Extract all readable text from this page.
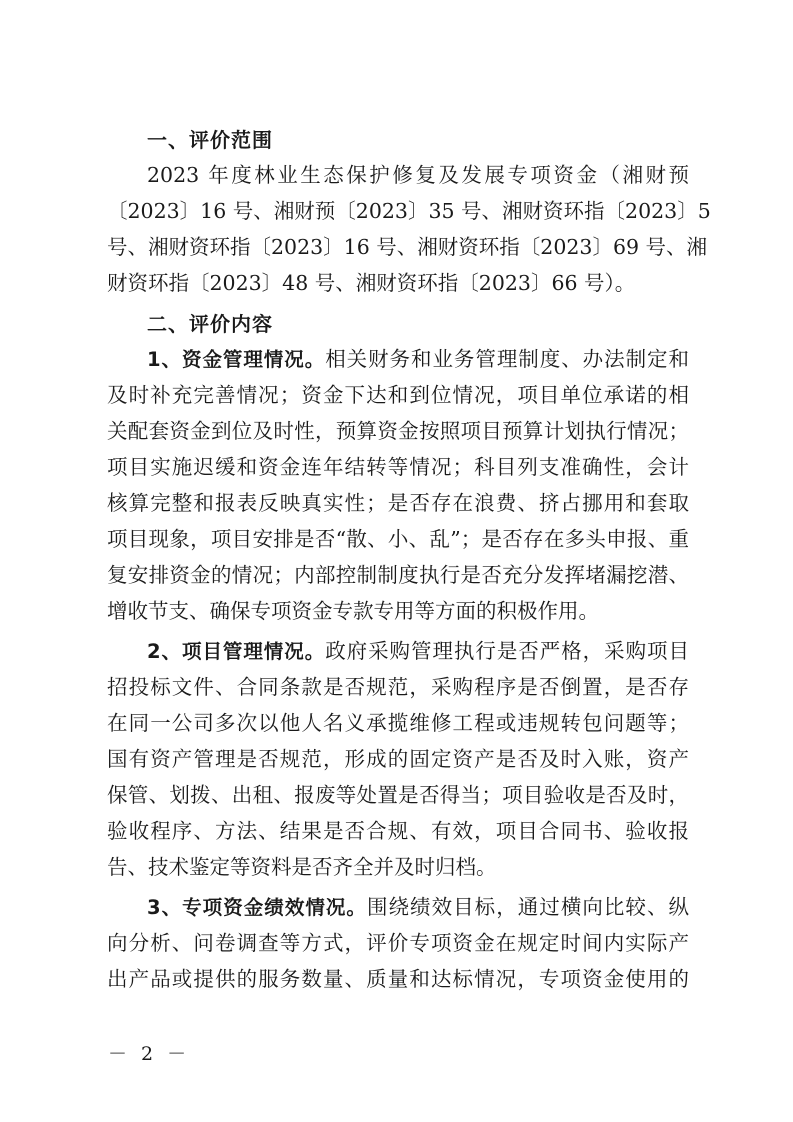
一、评价范围
2023 年度林业生态保护修复及发展专项资金（湘财预
〔2023〕16 号、湘财预〔2023〕35 号、湘财资环指〔2023〕5
号、湘财资环指〔2023〕16 号、湘财资环指〔2023〕69 号、湘
财资环指〔2023〕48 号、湘财资环指〔2023〕66 号）。
二、评价内容
1、资金管理情况。相关财务和业务管理制度、办法制定和
及时补充完善情况；资金下达和到位情况，项目单位承诺的相
关配套资金到位及时性，预算资金按照项目预算计划执行情况；
项目实施迟缓和资金连年结转等情况；科目列支准确性，会计
核算完整和报表反映真实性；是否存在浪费、挤占挪用和套取
项目现象，项目安排是否“散、小、乱”；是否存在多头申报、重
复安排资金的情况；内部控制制度执行是否充分发挥堵漏挖潜、
增收节支、确保专项资金专款专用等方面的积极作用。
2、项目管理情况。政府采购管理执行是否严格，采购项目
招投标文件、合同条款是否规范，采购程序是否倒置，是否存
在同一公司多次以他人名义承揽维修工程或违规转包问题等；
国有资产管理是否规范，形成的固定资产是否及时入账，资产
保管、划拨、出租、报废等处置是否得当；项目验收是否及时，
验收程序、方法、结果是否合规、有效，项目合同书、验收报
告、技术鉴定等资料是否齐全并及时归档。
3、专项资金绩效情况。围绕绩效目标，通过横向比较、纵
向分析、问卷调查等方式，评价专项资金在规定时间内实际产
出产品或提供的服务数量、质量和达标情况，专项资金使用的
－ 2 －
